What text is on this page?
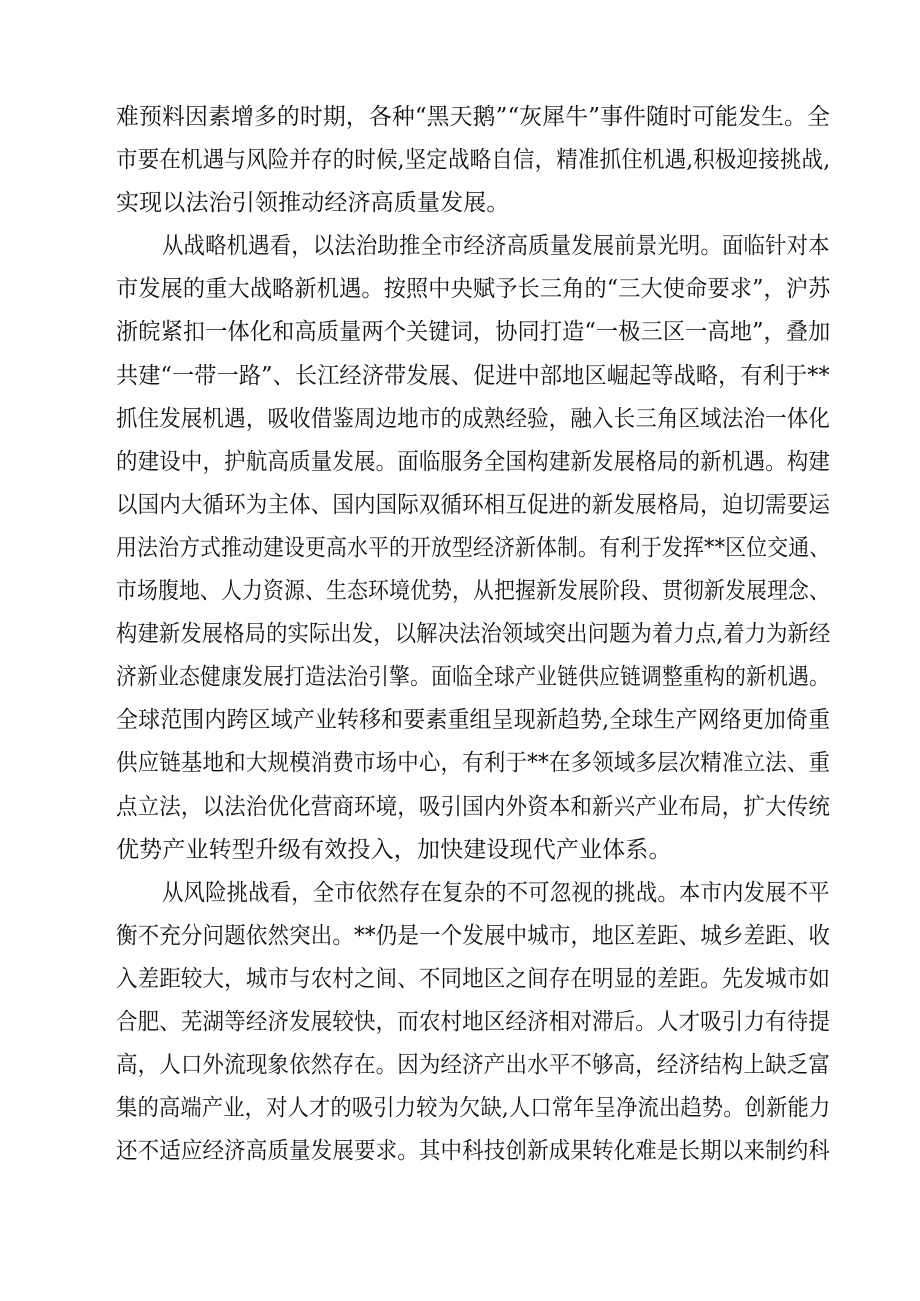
难预料因素增多的时期，各种“黑天鹅”“灰犀牛”事件随时可能发生。全
市要在机遇与风险并存的时候,坚定战略自信，精准抓住机遇,积极迎接挑战,
实现以法治引领推动经济高质量发展。
从战略机遇看，以法治助推全市经济高质量发展前景光明。面临针对本
市发展的重大战略新机遇。按照中央赋予长三角的“三大使命要求”，沪苏
浙皖紧扣一体化和高质量两个关键词，协同打造“一极三区一高地”，叠加
共建“一带一路”、长江经济带发展、促进中部地区崛起等战略，有利于**
抓住发展机遇，吸收借鉴周边地市的成熟经验，融入长三角区域法治一体化
的建设中，护航高质量发展。面临服务全国构建新发展格局的新机遇。构建
以国内大循环为主体、国内国际双循环相互促进的新发展格局，迫切需要运
用法治方式推动建设更高水平的开放型经济新体制。有利于发挥**区位交通、
市场腹地、人力资源、生态环境优势，从把握新发展阶段、贯彻新发展理念、
构建新发展格局的实际出发，以解决法治领域突出问题为着力点,着力为新经
济新业态健康发展打造法治引擎。面临全球产业链供应链调整重构的新机遇。
全球范围内跨区域产业转移和要素重组呈现新趋势,全球生产网络更加倚重
供应链基地和大规模消费市场中心，有利于**在多领域多层次精准立法、重
点立法，以法治优化营商环境，吸引国内外资本和新兴产业布局，扩大传统
优势产业转型升级有效投入，加快建设现代产业体系。
从风险挑战看，全市依然存在复杂的不可忽视的挑战。本市内发展不平
衡不充分问题依然突出。**仍是一个发展中城市，地区差距、城乡差距、收
入差距较大，城市与农村之间、不同地区之间存在明显的差距。先发城市如
合肥、芜湖等经济发展较快，而农村地区经济相对滞后。人才吸引力有待提
高，人口外流现象依然存在。因为经济产出水平不够高，经济结构上缺乏富
集的高端产业，对人才的吸引力较为欠缺,人口常年呈净流出趋势。创新能力
还不适应经济高质量发展要求。其中科技创新成果转化难是长期以来制约科
